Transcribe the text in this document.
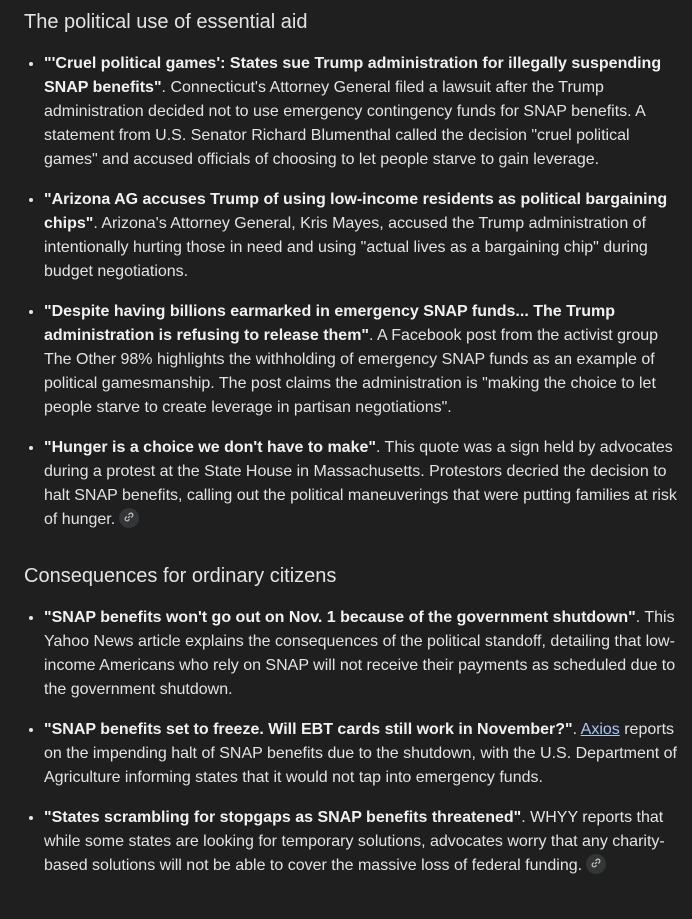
The political use of essential aid
• "'Cruel political games': States sue Trump administration for illegally suspending SNAP benefits". Connecticut's Attorney General filed a lawsuit after the Trump administration decided not to use emergency contingency funds for SNAP benefits. A statement from U.S. Senator Richard Blumenthal called the decision "cruel political games" and accused officials of choosing to let people starve to gain leverage.
• "Arizona AG accuses Trump of using low-income residents as political bargaining chips". Arizona's Attorney General, Kris Mayes, accused the Trump administration of intentionally hurting those in need and using "actual lives as a bargaining chip" during budget negotiations.
• "Despite having billions earmarked in emergency SNAP funds... The Trump administration is refusing to release them". A Facebook post from the activist group The Other 98% highlights the withholding of emergency SNAP funds as an example of political gamesmanship. The post claims the administration is "making the choice to let people starve to create leverage in partisan negotiations".
• "Hunger is a choice we don't have to make". This quote was a sign held by advocates during a protest at the State House in Massachusetts. Protestors decried the decision to halt SNAP benefits, calling out the political maneuverings that were putting families at risk of hunger.
Consequences for ordinary citizens
• "SNAP benefits won't go out on Nov. 1 because of the government shutdown". This Yahoo News article explains the consequences of the political standoff, detailing that low-income Americans who rely on SNAP will not receive their payments as scheduled due to the government shutdown.
• "SNAP benefits set to freeze. Will EBT cards still work in November?". Axios reports on the impending halt of SNAP benefits due to the shutdown, with the U.S. Department of Agriculture informing states that it would not tap into emergency funds.
• "States scrambling for stopgaps as SNAP benefits threatened". WHYY reports that while some states are looking for temporary solutions, advocates worry that any charity-based solutions will not be able to cover the massive loss of federal funding.
